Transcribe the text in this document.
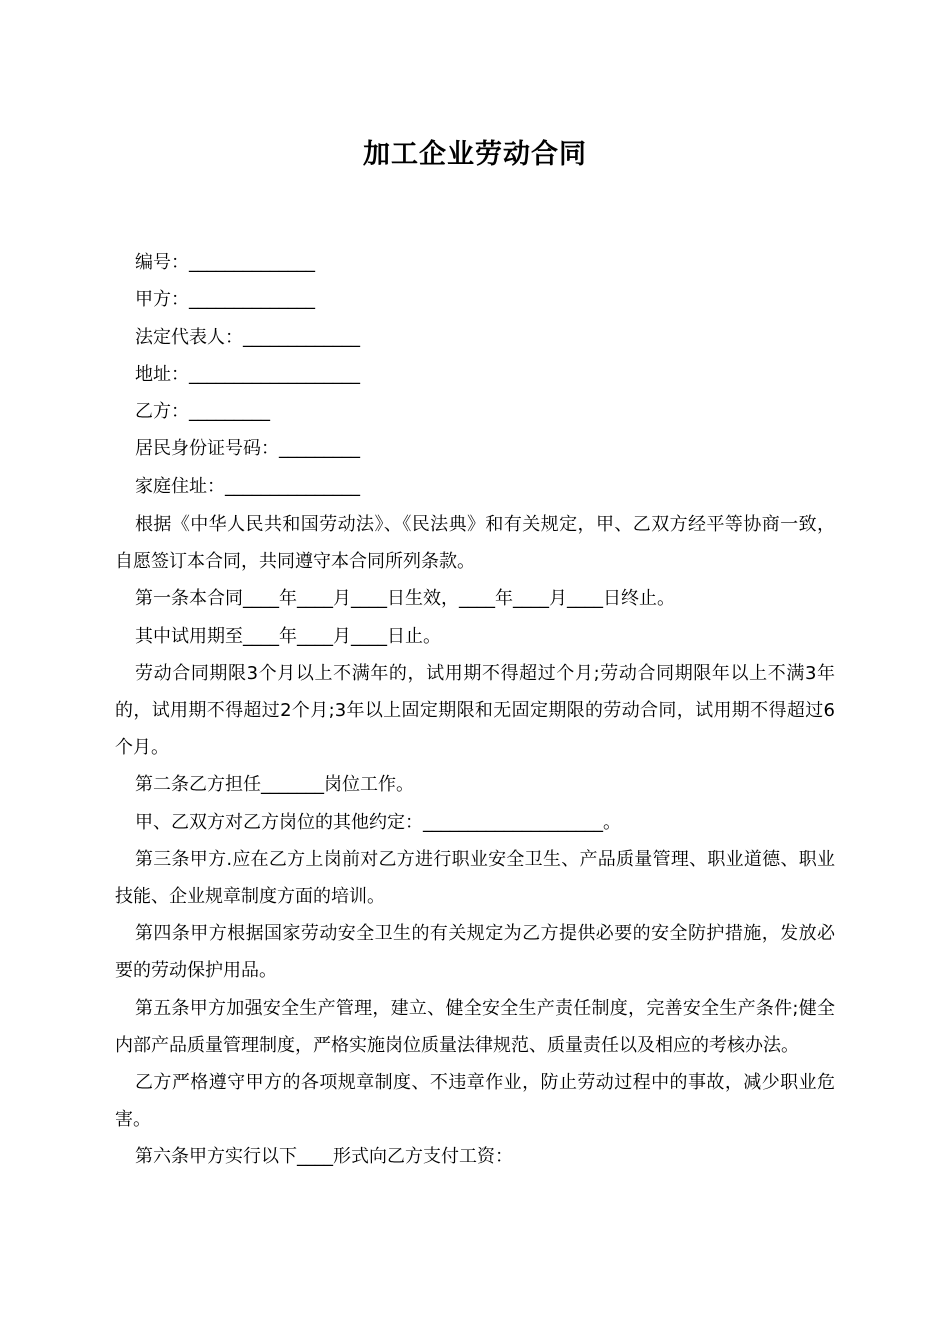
加工企业劳动合同
编号：______________
甲方：______________
法定代表人：_____________
地址：___________________
乙方：_________
居民身份证号码：_________
家庭住址：_______________

根据《中华人民共和国劳动法》、《民法典》和有关规定，甲、乙双方经平等协商一致，自愿签订本合同，共同遵守本合同所列条款。

第一条本合同____年____月____日生效，____年____月____日终止。

其中试用期至____年____月____日止。

劳动合同期限3个月以上不满年的，试用期不得超过个月;劳动合同期限年以上不满3年的，试用期不得超过2个月;3年以上固定期限和无固定期限的劳动合同，试用期不得超过6个月。

第二条乙方担任_______岗位工作。

甲、乙双方对乙方岗位的其他约定：____________________。

第三条甲方.应在乙方上岗前对乙方进行职业安全卫生、产品质量管理、职业道德、职业技能、企业规章制度方面的培训。

第四条甲方根据国家劳动安全卫生的有关规定为乙方提供必要的安全防护措施，发放必要的劳动保护用品。

第五条甲方加强安全生产管理，建立、健全安全生产责任制度，完善安全生产条件;健全内部产品质量管理制度，严格实施岗位质量法律规范、质量责任以及相应的考核办法。

乙方严格遵守甲方的各项规章制度、不违章作业，防止劳动过程中的事故，减少职业危害。

第六条甲方实行以下____形式向乙方支付工资：
